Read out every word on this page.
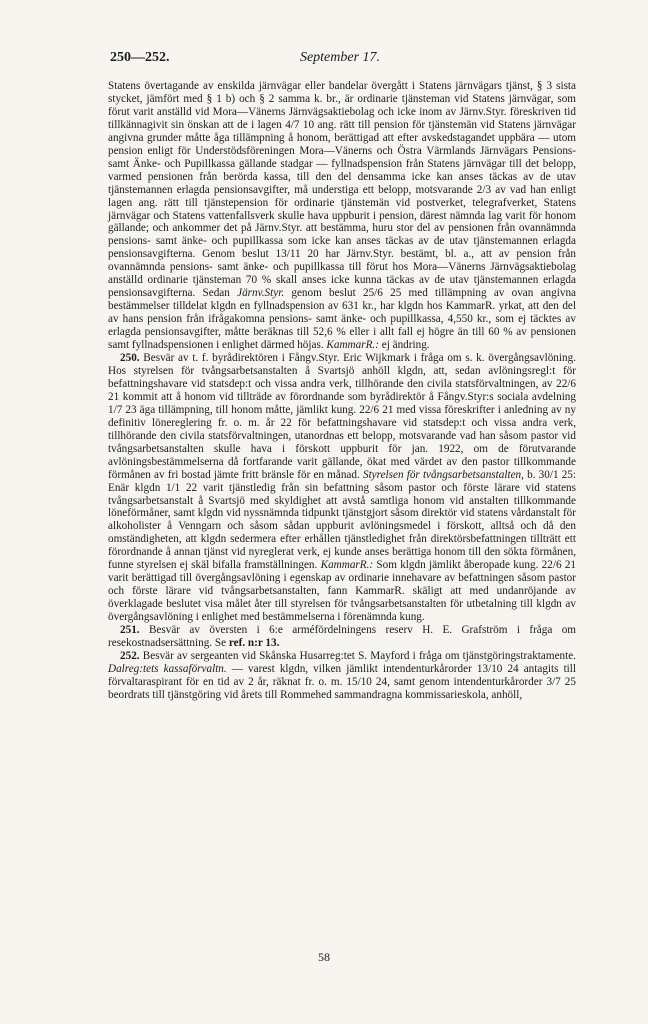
250—252.	September 17.

Statens övertagande av enskilda järnvägar eller bandelar övergått i Statens järnvägars tjänst, § 3 sista stycket, jämfört med § 1 b) och § 2 samma k. br., är ordinarie tjänsteman vid Statens järnvägar, som förut varit anställd vid Mora—Vänerns Järnvägsaktiebolag och icke inom av Järnv.Styr. föreskriven tid tillkännagivit sin önskan att de i lagen 4/7 10 ang. rätt till pension för tjänstemän vid Statens järnvägar angivna grunder måtte åga tillämpning å honom, berättigad att efter avskedstagandet uppbära — utom pension enligt för Understödsföreningen Mora—Vänerns och Östra Värmlands Järnvägars Pensions- samt Änke- och Pupillkassa gällande stadgar — fyllnadspension från Statens järnvägar till det belopp, varmed pensionen från berörda kassa, till den del densamma icke kan anses täckas av de utav tjänstemannen erlagda pensionsavgifter, må understiga ett belopp, motsvarande 2/3 av vad han enligt lagen ang. rätt till tjänstepension för ordinarie tjänstemän vid postverket, telegrafverket, Statens järnvägar och Statens vattenfallsverk skulle hava uppburit i pension, därest nämnda lag varit för honom gällande; och ankommer det på Järnv.Styr. att bestämma, huru stor del av pensionen från ovannämnda pensions- samt änke- och pupillkassa som icke kan anses täckas av de utav tjänstemannen erlagda pensionsavgifterna. Genom beslut 13/11 20 har Järnv.Styr. bestämt, bl. a., att av pension från ovannämnda pensions- samt änke- och pupillkassa till förut hos Mora—Vänerns Järnvägsaktiebolag anställd ordinarie tjänsteman 70 % skall anses icke kunna täckas av de utav tjänstemannen erlagda pensionsavgifterna. Sedan Järnv.Styr. genom beslut 25/6 25 med tillämpning av ovan angivna bestämmelser tilldelat klgdn en fyllnadspension av 631 kr., har klgdn hos KammarR. yrkat, att den del av hans pension från ifrågakomna pensions- samt änke- och pupillkassa, 4,550 kr., som ej täcktes av erlagda pensionsavgifter, måtte beräknas till 52,6 % eller i allt fall ej högre än till 60 % av pensionen samt fyllnadspensionen i enlighet därmed höjas. KammarR.: ej ändring.

250. Besvär av t. f. byrådirektören i Fångv.Styr. Eric Wijkmark i fråga om s. k. övergångsavlöning. Hos styrelsen för tvångsarbetsanstalten å Svartsjö anhöll klgdn, att, sedan avlöningsregl:t för befattningshavare vid statsdep:t och vissa andra verk, tillhörande den civila statsförvaltningen, av 22/6 21 kommit att å honom vid tillträde av förordnande som byrådirektör å Fångv.Styr:s sociala avdelning 1/7 23 äga tillämpning, till honom måtte, jämlikt kung. 22/6 21 med vissa föreskrifter i anledning av ny definitiv lönereglering fr. o. m. år 22 för befattningshavare vid statsdep:t och vissa andra verk, tillhörande den civila statsförvaltningen, utanordnas ett belopp, motsvarande vad han såsom pastor vid tvångsarbetsanstalten skulle hava i förskott uppburit för jan. 1922, om de förutvarande avlöningsbestämmelserna då fortfarande varit gällande, ökat med värdet av den pastor tillkommande förmånen av fri bostad jämte fritt bränsle för en månad. Styrelsen för tvångsarbetsanstalten, b. 30/1 25: Enär klgdn 1/1 22 varit tjänstledig från sin befattning såsom pastor och förste lärare vid statens tvångsarbetsanstalt å Svartsjö med skyldighet att avstå samtliga honom vid anstalten tillkommande löneförmåner, samt klgdn vid nyssnämnda tidpunkt tjänstgjort såsom direktör vid statens vårdanstalt för alkoholister å Venngarn och såsom sådan uppburit avlöningsmedel i förskott, alltså och då den omständigheten, att klgdn sedermera efter erhållen tjänstledighet från direktörsbefattningen tillträtt ett förordnande å annan tjänst vid nyreglerat verk, ej kunde anses berättiga honom till den sökta förmånen, funne styrelsen ej skäl bifalla framställningen. KammarR.: Som klgdn jämlikt åberopade kung. 22/6 21 varit berättigad till övergångsavlöning i egenskap av ordinarie innehavare av befattningen såsom pastor och förste lärare vid tvångsarbetsanstalten, fann KammarR. skäligt att med undanröjande av överklagade beslutet visa målet åter till styrelsen för tvångsarbetsanstalten för utbetalning till klgdn av övergångsavlöning i enlighet med bestämmelserna i förenämnda kung.

251. Besvär av översten i 6:e arméfördelningens reserv H. E. Grafström i fråga om resekostnadsersättning. Se ref. n:r 13.

252. Besvär av sergeanten vid Skånska Husarreg:tet S. Mayford i fråga om tjänstgöringstraktamente. Dalreg:tets kassaförvaltn. — varest klgdn, vilken jämlikt intendenturkårorder 13/10 24 antagits till förvaltaraspirant för en tid av 2 år, räknat fr. o. m. 15/10 24, samt genom intendenturkårorder 3/7 25 beordrats till tjänstgöring vid årets till Rommehed sammandragna kommissarieskola, anhöll,

58
